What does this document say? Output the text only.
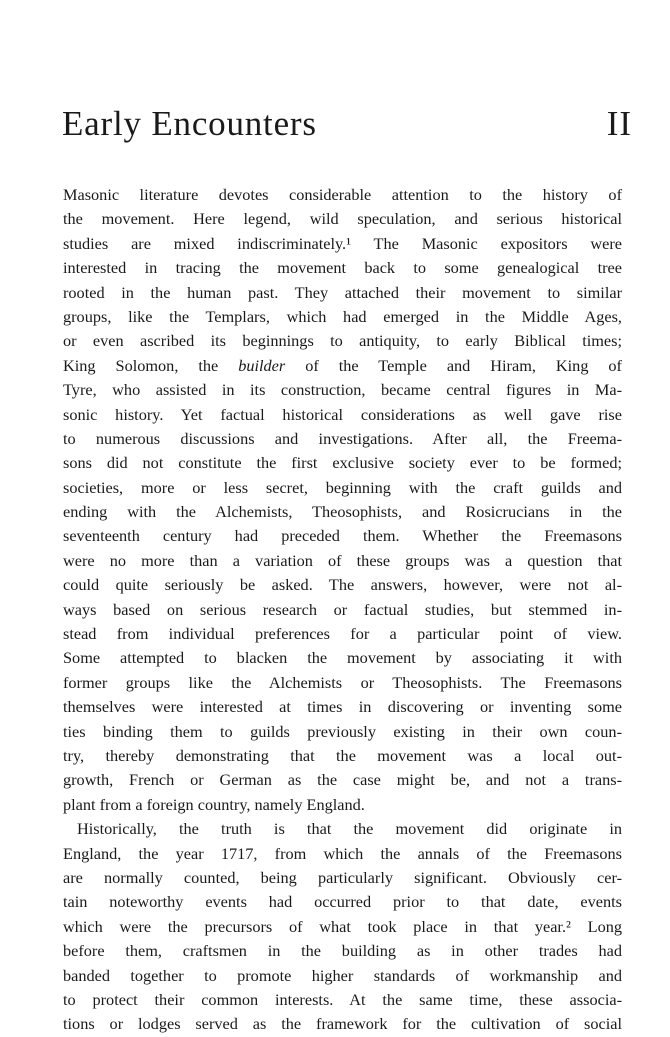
Early Encounters	II
Masonic literature devotes considerable attention to the history of
the movement. Here legend, wild speculation, and serious historical
studies are mixed indiscriminately.¹ The Masonic expositors were
interested in tracing the movement back to some genealogical tree
rooted in the human past. They attached their movement to similar
groups, like the Templars, which had emerged in the Middle Ages,
or even ascribed its beginnings to antiquity, to early Biblical times;
King Solomon, the builder of the Temple and Hiram, King of
Tyre, who assisted in its construction, became central figures in Ma-
sonic history. Yet factual historical considerations as well gave rise
to numerous discussions and investigations. After all, the Freema-
sons did not constitute the first exclusive society ever to be formed;
societies, more or less secret, beginning with the craft guilds and
ending with the Alchemists, Theosophists, and Rosicrucians in the
seventeenth century had preceded them. Whether the Freemasons
were no more than a variation of these groups was a question that
could quite seriously be asked. The answers, however, were not al-
ways based on serious research or factual studies, but stemmed in-
stead from individual preferences for a particular point of view.
Some attempted to blacken the movement by associating it with
former groups like the Alchemists or Theosophists. The Freemasons
themselves were interested at times in discovering or inventing some
ties binding them to guilds previously existing in their own coun-
try, thereby demonstrating that the movement was a local out-
growth, French or German as the case might be, and not a trans-
plant from a foreign country, namely England.
Historically, the truth is that the movement did originate in
England, the year 1717, from which the annals of the Freemasons
are normally counted, being particularly significant. Obviously cer-
tain noteworthy events had occurred prior to that date, events
which were the precursors of what took place in that year.² Long
before them, craftsmen in the building as in other trades had
banded together to promote higher standards of workmanship and
to protect their common interests. At the same time, these associa-
tions or lodges served as the framework for the cultivation of social
